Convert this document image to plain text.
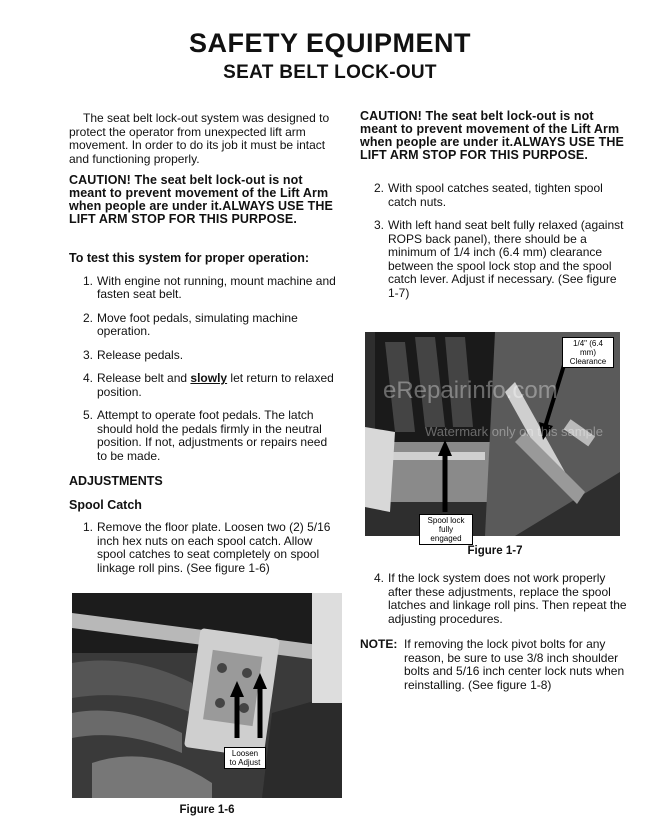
SAFETY EQUIPMENT
SEAT BELT LOCK-OUT

The seat belt lock-out system was designed to protect the operator from unexpected lift arm movement. In order to do its job it must be intact and functioning properly.

CAUTION! The seat belt lock-out is not meant to prevent movement of the Lift Arm when people are under it.ALWAYS USE THE LIFT ARM STOP FOR THIS PURPOSE.

To test this system for proper operation:

1. With engine not running, mount machine and fasten seat belt.
2. Move foot pedals, simulating machine operation.
3. Release pedals.
4. Release belt and slowly let return to relaxed position.
5. Attempt to operate foot pedals. The latch should hold the pedals firmly in the neutral position. If not, adjustments or repairs need to be made.

ADJUSTMENTS

Spool Catch

1. Remove the floor plate. Loosen two (2) 5/16 inch hex nuts on each spool catch. Allow spool catches to seat completely on spool linkage roll pins. (See figure 1-6)
Loosen to Adjust
Figure 1-6

CAUTION! The seat belt lock-out is not meant to prevent movement of the Lift Arm when people are under it.ALWAYS USE THE LIFT ARM STOP FOR THIS PURPOSE.

2. With spool catches seated, tighten spool catch nuts.
3. With left hand seat belt fully relaxed (against ROPS back panel), there should be a minimum of 1/4 inch (6.4 mm) clearance between the spool lock stop and the spool catch lever. Adjust if necessary. (See figure 1-7)
1/4" (6.4 mm) Clearance
Spool lock fully engaged
eRepairinfo.com
Watermark only on this sample
Figure 1-7
4. If the lock system does not work properly after these adjustments, replace the spool latches and linkage roll pins. Then repeat the adjusting procedures.
NOTE: If removing the lock pivot bolts for any reason, be sure to use 3/8 inch shoulder bolts and 5/16 inch center lock nuts when reinstalling. (See figure 1-8)
